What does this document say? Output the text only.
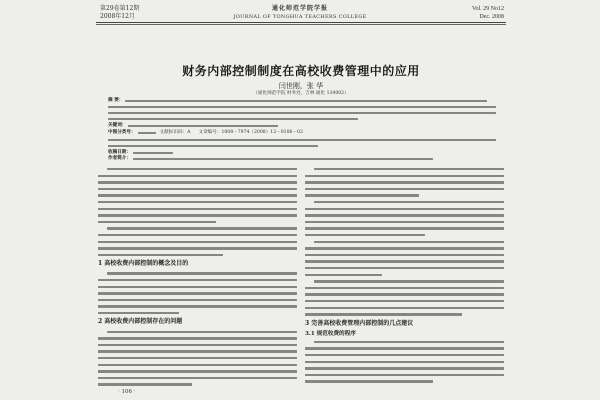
第29卷第12期
2008年12月
通化师范学院学报
JOURNAL OF TONGHUA TEACHERS COLLEGE
Vol. 29 No12
Dec. 2008
财务内部控制制度在高校收费管理中的应用
闫世刚，张 华
（通化师范学院 财务处，吉林 通化 134002）
摘 要：
关键词：
中图分类号：	文献标识码：A 文章编号：1008－7974（2008）12－0106－02
收稿日期：
作者简介：
1 高校收费内部控制的概念及目的
2 高校收费内部控制存在的问题	3 完善高校收费管理内部控制的几点建议
3.1 规范收费的程序
· 106 ·
